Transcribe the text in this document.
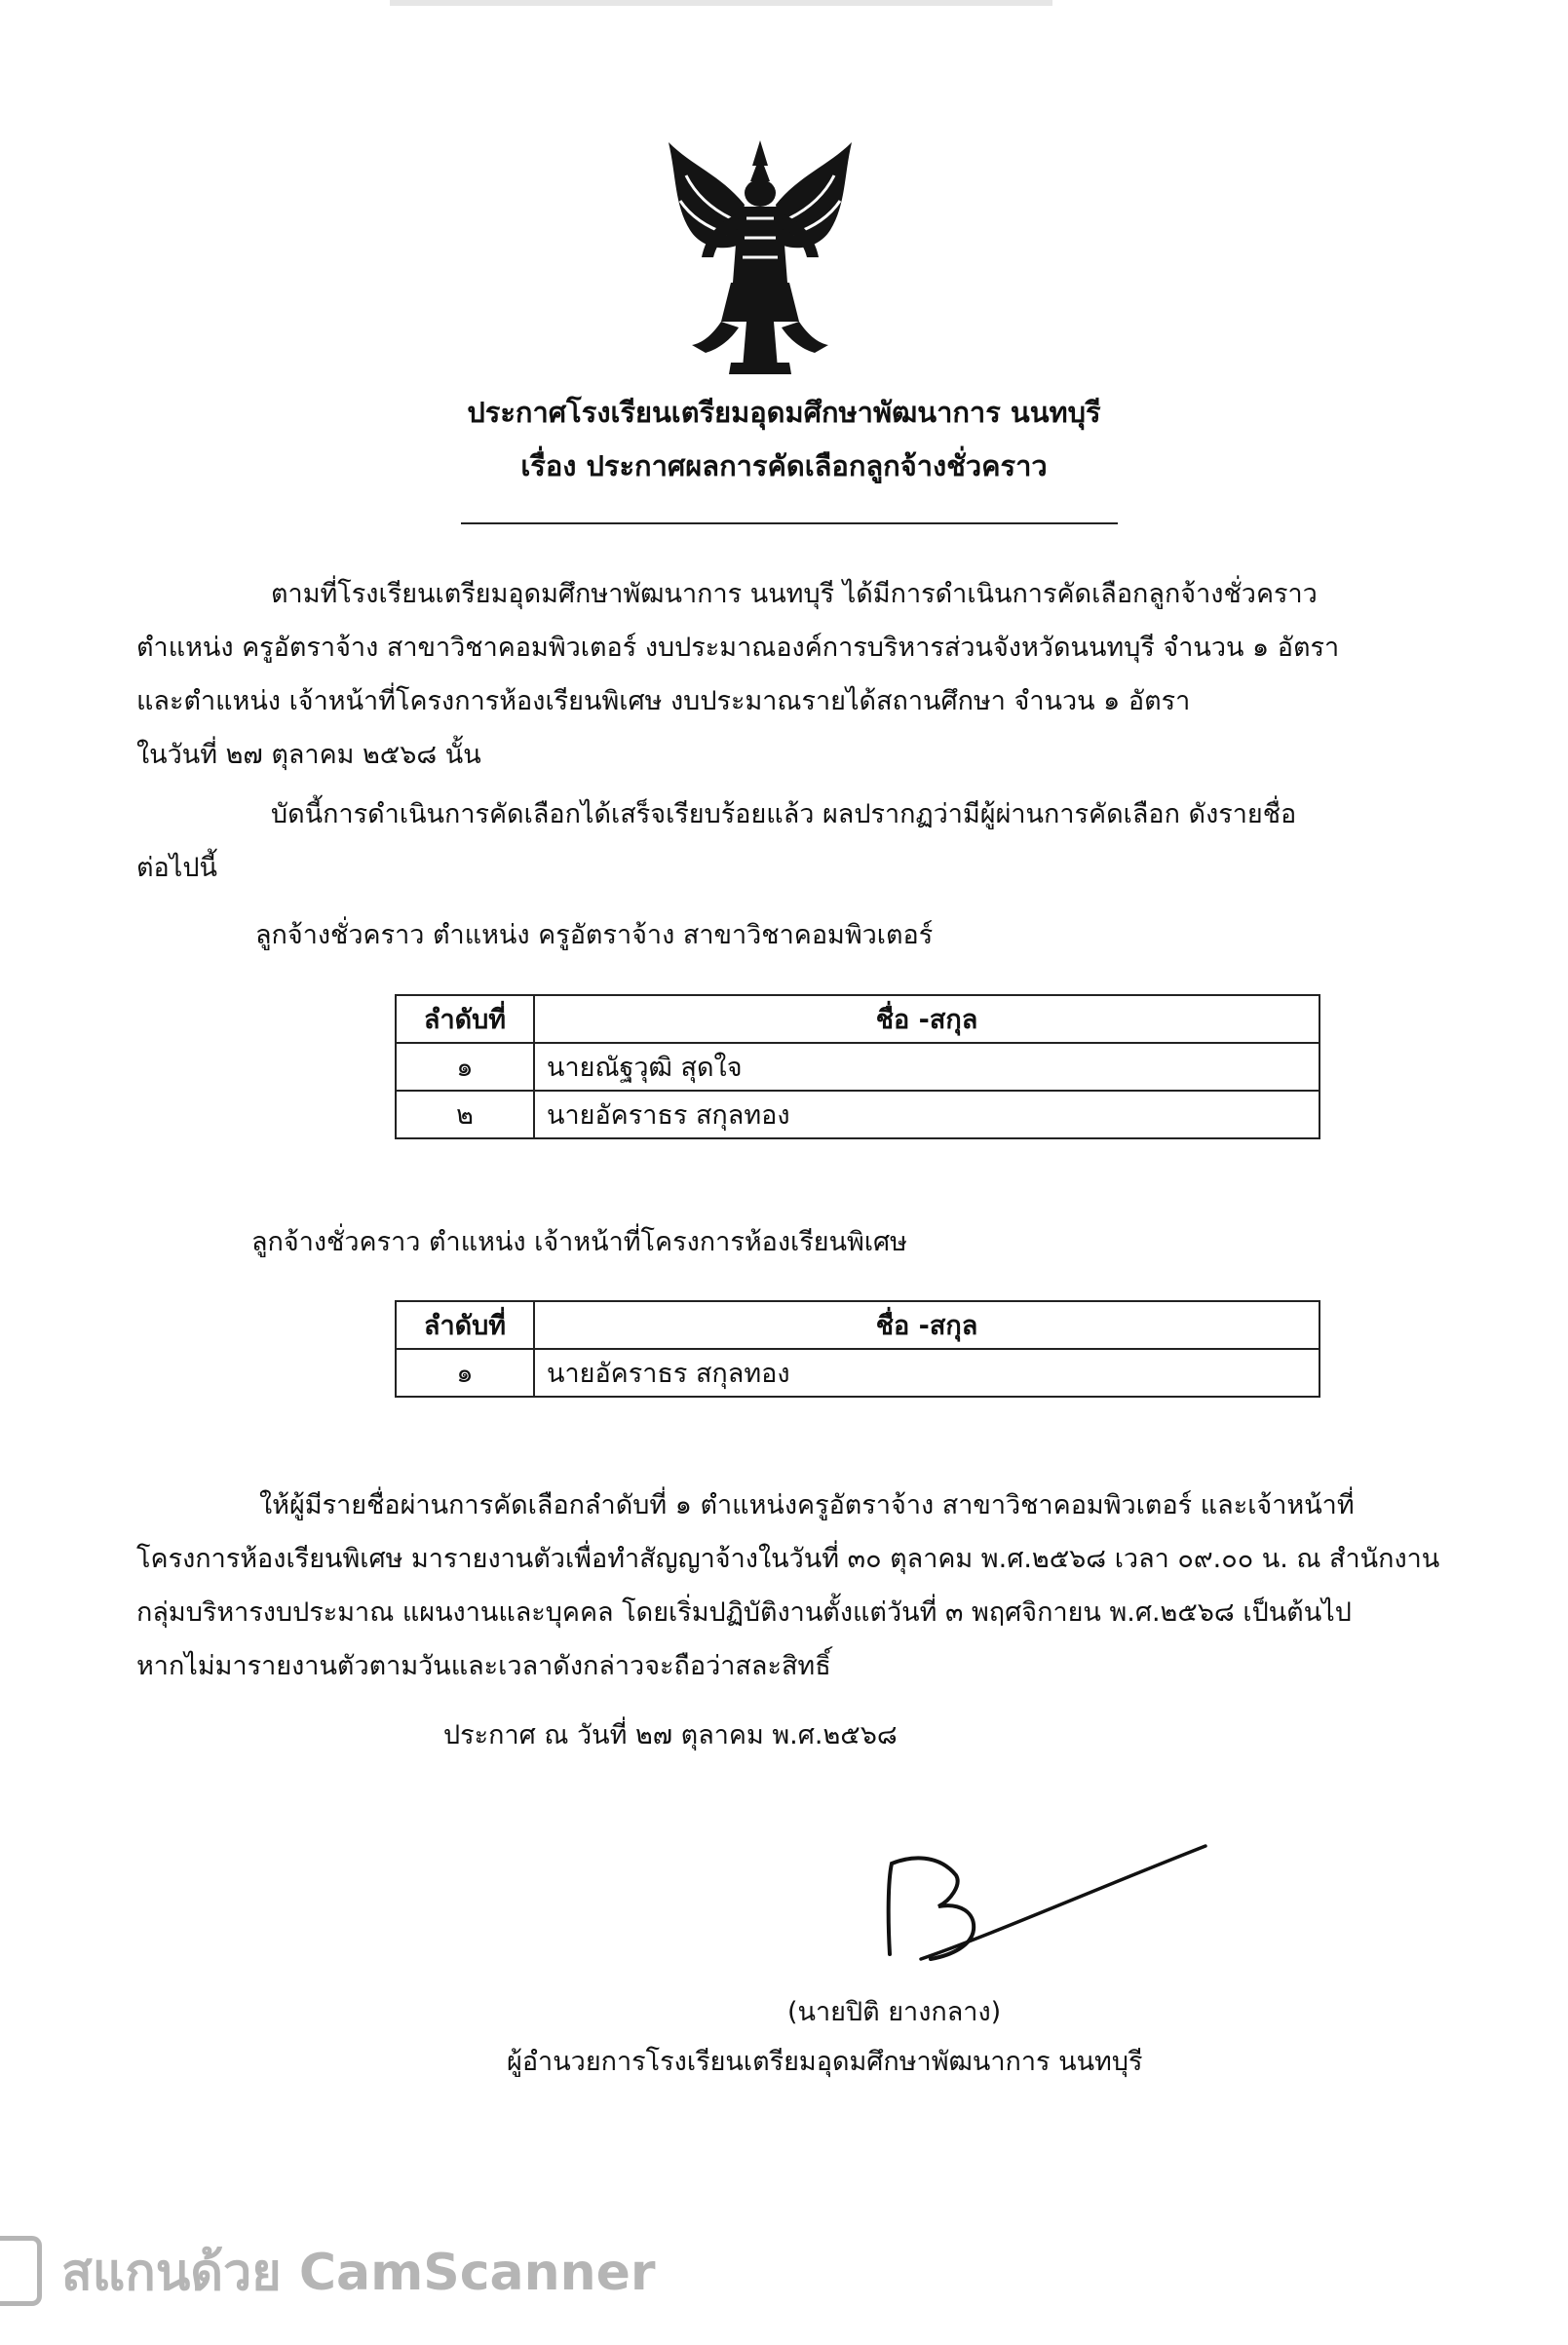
ประกาศโรงเรียนเตรียมอุดมศึกษาพัฒนาการ นนทบุรี
เรื่อง ประกาศผลการคัดเลือกลูกจ้างชั่วคราว
ตามที่โรงเรียนเตรียมอุดมศึกษาพัฒนาการ นนทบุรี ได้มีการดำเนินการคัดเลือกลูกจ้างชั่วคราว
ตำแหน่ง ครูอัตราจ้าง สาขาวิชาคอมพิวเตอร์ งบประมาณองค์การบริหารส่วนจังหวัดนนทบุรี จำนวน ๑ อัตรา
และตำแหน่ง เจ้าหน้าที่โครงการห้องเรียนพิเศษ งบประมาณรายได้สถานศึกษา จำนวน ๑ อัตรา
ในวันที่ ๒๗ ตุลาคม ๒๕๖๘ นั้น
บัดนี้การดำเนินการคัดเลือกได้เสร็จเรียบร้อยแล้ว ผลปรากฏว่ามีผู้ผ่านการคัดเลือก ดังรายชื่อ
ต่อไปนี้
ลูกจ้างชั่วคราว ตำแหน่ง ครูอัตราจ้าง สาขาวิชาคอมพิวเตอร์
ลำดับที่	ชื่อ -สกุล
๑	นายณัฐวุฒิ สุดใจ
๒	นายอัคราธร สกุลทอง
ลูกจ้างชั่วคราว ตำแหน่ง เจ้าหน้าที่โครงการห้องเรียนพิเศษ
ลำดับที่	ชื่อ -สกุล
๑	นายอัคราธร สกุลทอง
ให้ผู้มีรายชื่อผ่านการคัดเลือกลำดับที่ ๑ ตำแหน่งครูอัตราจ้าง สาขาวิชาคอมพิวเตอร์ และเจ้าหน้าที่
โครงการห้องเรียนพิเศษ มารายงานตัวเพื่อทำสัญญาจ้างในวันที่ ๓๐ ตุลาคม พ.ศ.๒๕๖๘ เวลา ๐๙.๐๐ น. ณ สำนักงาน
กลุ่มบริหารงบประมาณ แผนงานและบุคคล โดยเริ่มปฏิบัติงานตั้งแต่วันที่ ๓ พฤศจิกายน พ.ศ.๒๕๖๘ เป็นต้นไป
หากไม่มารายงานตัวตามวันและเวลาดังกล่าวจะถือว่าสละสิทธิ์
ประกาศ ณ วันที่ ๒๗ ตุลาคม พ.ศ.๒๕๖๘
(นายปิติ ยางกลาง)
ผู้อำนวยการโรงเรียนเตรียมอุดมศึกษาพัฒนาการ นนทบุรี
สแกนด้วย CamScanner
